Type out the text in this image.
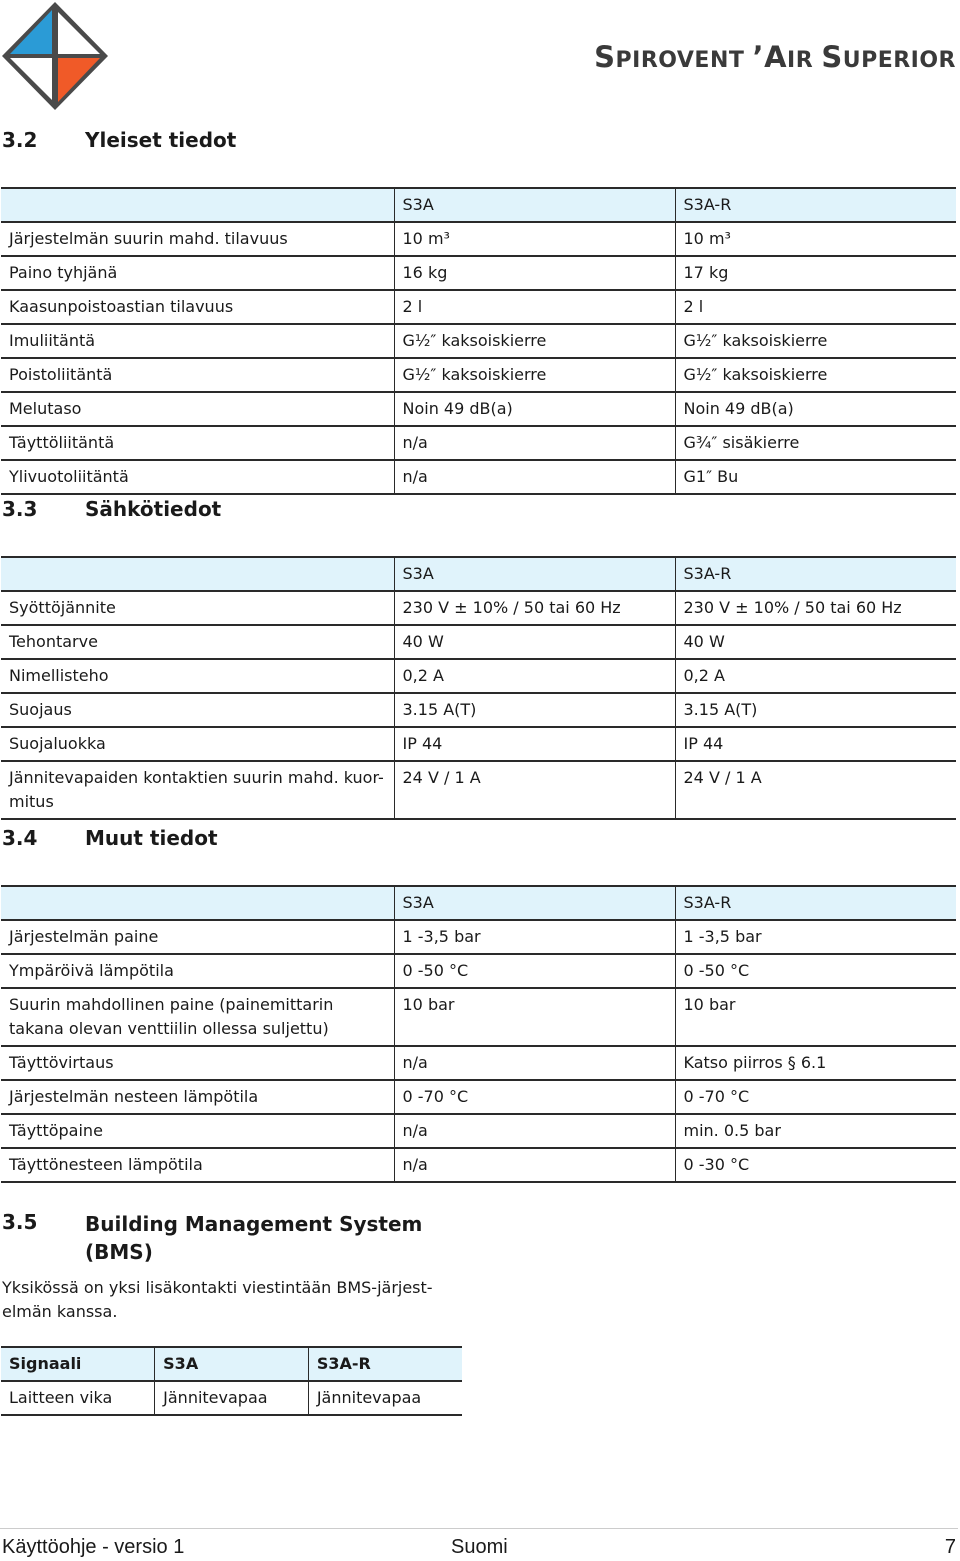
SPIROVENT ’AIR SUPERIOR
3.2 Yleiset tiedot
	S3A	S3A-R
Järjestelmän suurin mahd. tilavuus	10 m³	10 m³
Paino tyhjänä	16 kg	17 kg
Kaasunpoistoastian tilavuus	2 l	2 l
Imuliitäntä	G½″ kaksoiskierre	G½″ kaksoiskierre
Poistoliitäntä	G½″ kaksoiskierre	G½″ kaksoiskierre
Melutaso	Noin 49 dB(a)	Noin 49 dB(a)
Täyttöliitäntä	n/a	G¾″ sisäkierre
Ylivuotoliitäntä	n/a	G1″ Bu
3.3 Sähkötiedot
	S3A	S3A-R
Syöttöjännite	230 V ± 10% / 50 tai 60 Hz	230 V ± 10% / 50 tai 60 Hz
Tehontarve	40 W	40 W
Nimellisteho	0,2 A	0,2 A
Suojaus	3.15 A(T)	3.15 A(T)
Suojaluokka	IP 44	IP 44
Jännitevapaiden kontaktien suurin mahd. kuor-mitus	24 V / 1 A	24 V / 1 A
3.4 Muut tiedot
	S3A	S3A-R
Järjestelmän paine	1 -3,5 bar	1 -3,5 bar
Ympäröivä lämpötila	0 -50 °C	0 -50 °C
Suurin mahdollinen paine (painemittarin takana olevan venttiilin ollessa suljettu)	10 bar	10 bar
Täyttövirtaus	n/a	Katso piirros § 6.1
Järjestelmän nesteen lämpötila	0 -70 °C	0 -70 °C
Täyttöpaine	n/a	min. 0.5 bar
Täyttönesteen lämpötila	n/a	0 -30 °C
3.5 Building Management System
(BMS)
Yksikössä on yksi lisäkontakti viestintään BMS-järjest-elmän kanssa.
Signaali	S3A	S3A-R
Laitteen vika	Jännitevapaa	Jännitevapaa
Käyttöohje - versio 1	Suomi	7
